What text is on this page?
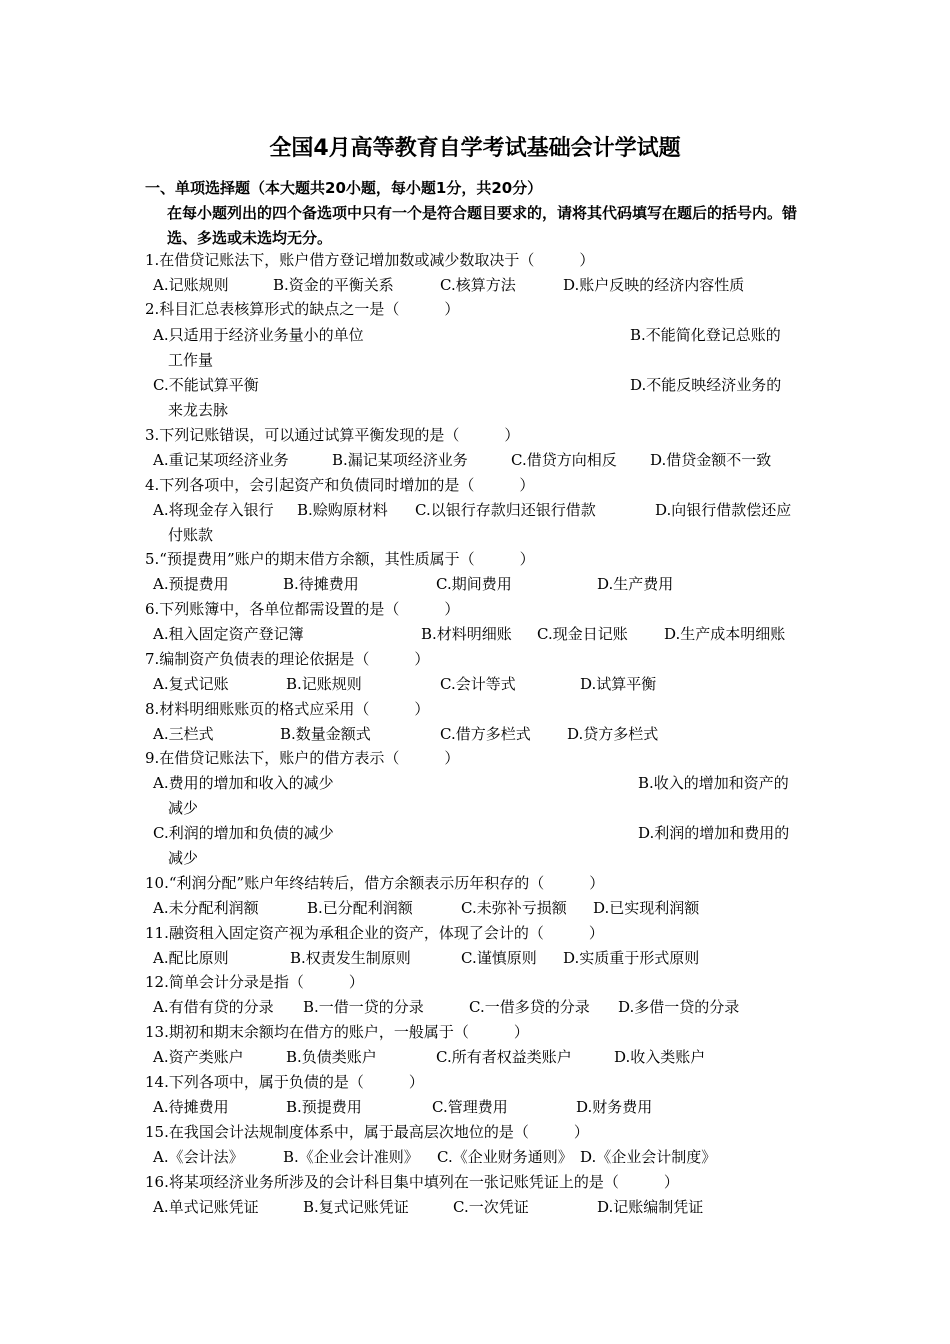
全国4月高等教育自学考试基础会计学试题
一、单项选择题（本大题共20小题，每小题1分，共20分）
在每小题列出的四个备选项中只有一个是符合题目要求的，请将其代码填写在题后的括号内。错选、多选或未选均无分。
1.在借贷记账法下，账户借方登记增加数或减少数取决于（　　　）
A.记账规则	B.资金的平衡关系	C.核算方法	D.账户反映的经济内容性质
2.科目汇总表核算形式的缺点之一是（　　　）
A.只适用于经济业务量小的单位	B.不能简化登记总账的
工作量
C.不能试算平衡	D.不能反映经济业务的
来龙去脉
3.下列记账错误，可以通过试算平衡发现的是（　　　）
A.重记某项经济业务	B.漏记某项经济业务	C.借贷方向相反 D.借贷金额不一致
4.下列各项中，会引起资产和负债同时增加的是（　　　）
A.将现金存入银行 B.赊购原材料 C.以银行存款归还银行借款	D.向银行借款偿还应
付账款
5.“预提费用”账户的期末借方余额，其性质属于（　　　）
A.预提费用	B.待摊费用	C.期间费用	D.生产费用
6.下列账簿中，各单位都需设置的是（　　　）
A.租入固定资产登记簿	B.材料明细账 C.现金日记账 D.生产成本明细账
7.编制资产负债表的理论依据是（　　　）
A.复式记账	B.记账规则	C.会计等式	D.试算平衡
8.材料明细账账页的格式应采用（　　　）
A.三栏式	B.数量金额式	C.借方多栏式 D.贷方多栏式
9.在借贷记账法下，账户的借方表示（　　　）
A.费用的增加和收入的减少	B.收入的增加和资产的
减少
C.利润的增加和负债的减少	D.利润的增加和费用的
减少
10.“利润分配”账户年终结转后，借方余额表示历年积存的（　　　）
A.未分配利润额	B.已分配利润额	C.未弥补亏损额 D.已实现利润额
11.融资租入固定资产视为承租企业的资产，体现了会计的（　　　）
A.配比原则	B.权责发生制原则	C.谨慎原则 D.实质重于形式原则
12.简单会计分录是指（　　　）
A.有借有贷的分录 B.一借一贷的分录	C.一借多贷的分录 D.多借一贷的分录
13.期初和期末余额均在借方的账户，一般属于（　　　）
A.资产类账户	B.负债类账户	C.所有者权益类账户	D.收入类账户
14.下列各项中，属于负债的是（　　　）
A.待摊费用	B.预提费用	C.管理费用	D.财务费用
15.在我国会计法规制度体系中，属于最高层次地位的是（　　　）
A.《会计法》	B.《企业会计准则》 C.《企业财务通则》 D.《企业会计制度》
16.将某项经济业务所涉及的会计科目集中填列在一张记账凭证上的是（　　　）
A.单式记账凭证	B.复式记账凭证	C.一次凭证	D.记账编制凭证
